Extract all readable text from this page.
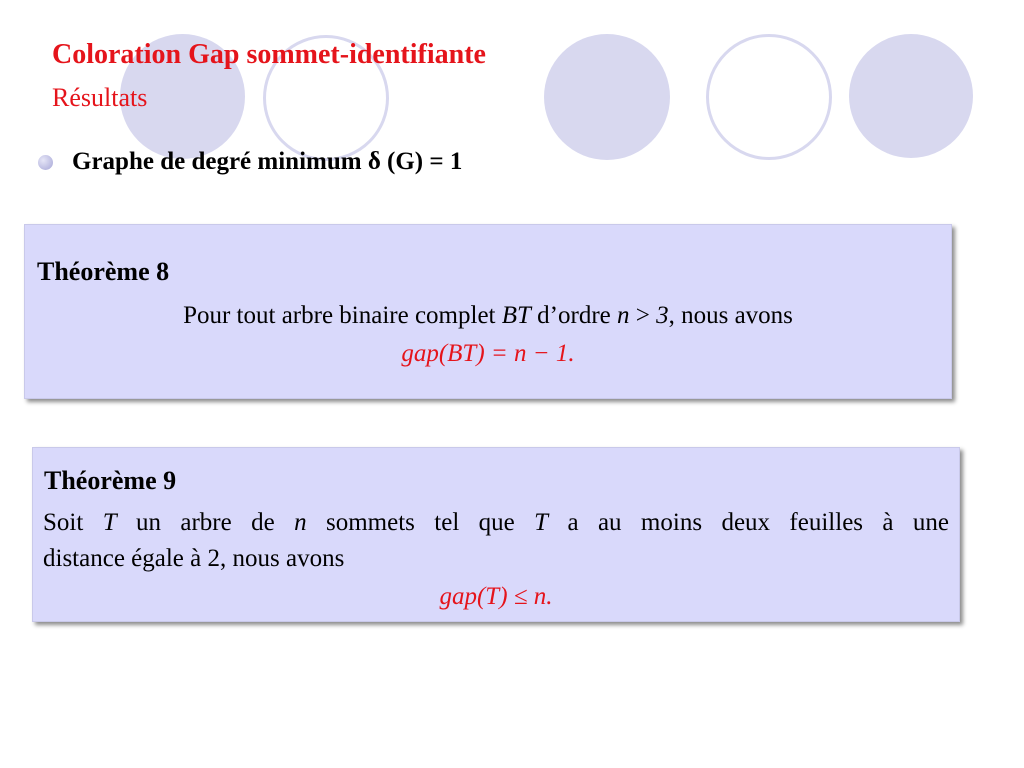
Coloration Gap sommet-identifiante
Résultats
Graphe de degré minimum δ (G) = 1
Théorème 8
Pour tout arbre binaire complet BT d’ordre n > 3, nous avons
gap(BT) = n − 1.
Théorème 9
Soit T un arbre de n sommets tel que T a au moins deux feuilles à une
distance égale à 2, nous avons
gap(T) ≤ n.
